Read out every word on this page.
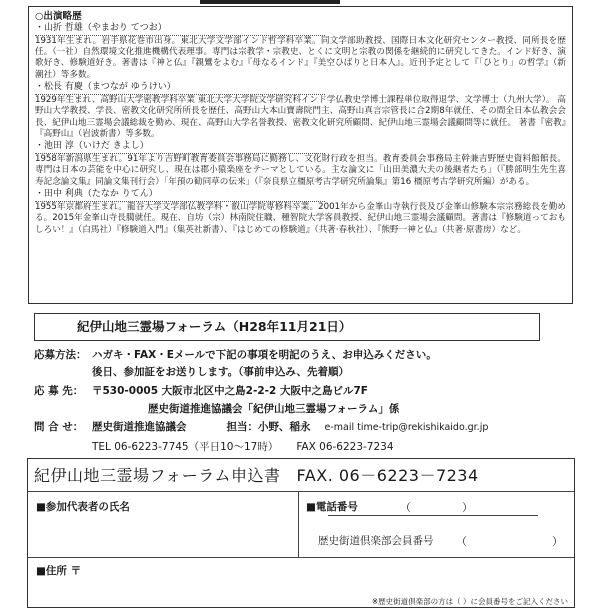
○出演略歴
・山折 哲雄（やまおり てつお）

1931年生まれ。岩手県花巻市出身。東北大学文学部インド哲学科卒業。同文学部助教授、国際日本文化研究センター教授、同所長を歴任。（一社）自然環境文化推進機構代表理事。専門は宗教学・宗教史、とくに文明と宗教の関係を継続的に研究してきた。インド好き、演歌好き、修験道好き。著書は『神と仏』『親鸞をよむ』『母なるインド』『美空ひばりと日本人』。近刊予定として『「ひとり」の哲学』（新潮社）等多数。

・松長 有慶（まつなが ゆうけい）

1929年生まれ、高野山大学密教学科卒業 東北大学大学院文学研究科インド学仏教史学博士課程単位取得退学、文学博士（九州大学）。 高野山大学教授、学長、密教文化研究所所長を歴任、高野山大本山寶壽院門主、高野山真言宗管長に合2期8年就任、その間全日本仏教会会長、紀伊山地三霊場会議総裁を勤め、現在、高野山大学名誉教授、密教文化研究所顧問、紀伊山地三霊場会議顧問等に就任。 著書『密教』『高野山』（岩波新書）等多数。

・池田 淳（いけだ きよし）

1958年新潟県生まれ。91年より吉野町教育委員会事務局に勤務し、文化財行政を担当。教育委員会事務局主幹兼吉野歴史資料館館長。専門は日本の芸能を中心に研究し、現在は郡小猿楽座をテーマとしている。主な論文に「山田美濃大夫の後継者たち」（『勝部明生先生喜寿記念論文集』同論文集刊行会）「年預の勧同草の伝来」（『奈良県立橿原考古学研究所論集』第16 橿原考古学研究所編）がある。

・田中 利典（たなか りてん）

1955年京都府生まれ。龍谷大学文学部仏教学科・叡山学院専修科卒業。2001年から金峯山寺執行長及び金峯山修験本宗宗務総長を勤める。2015年金峯山寺長臈就任。現在、自坊（宗）林南院住職、種智院大学客員教授、紀伊山地三霊場会議顧問。著書は『修験道っておもしろい！』（白馬社）『修験道入門』（集英社新書）、『はじめての修験道』（共著·春秋社）、『熊野一神と仏』（共著·原書房）など。

紀伊山地三霊場フォーラム（H28年11月21日）
応募方法： ハガキ・FAX・Eメールで下記の事項を明記のうえ、お申込みください。
後日、参加証をお送りします。（事前申込み、先着順）
応 募 先： 〒530-0005 大阪市北区中之島2-2-2 大阪中之島ビル7F
歴史街道推進協議会「紀伊山地三霊場フォーラム」係
問 合 せ： 歴史街道推進協議会	担当：小野、稲永 e-mail time-trip@rekishikaido.gr.jp
TEL 06-6223-7745（平日10～17時） FAX 06-6223-7234
紀伊山地三霊場フォーラム申込書 FAX. 06－6223－7234
■参加代表者の氏名	■電話番号	（	）
歴史街道倶楽部会員番号 （	）
■住所 〒
※歴史街道倶楽部の方は（ ）に会員番号をご記入ください
